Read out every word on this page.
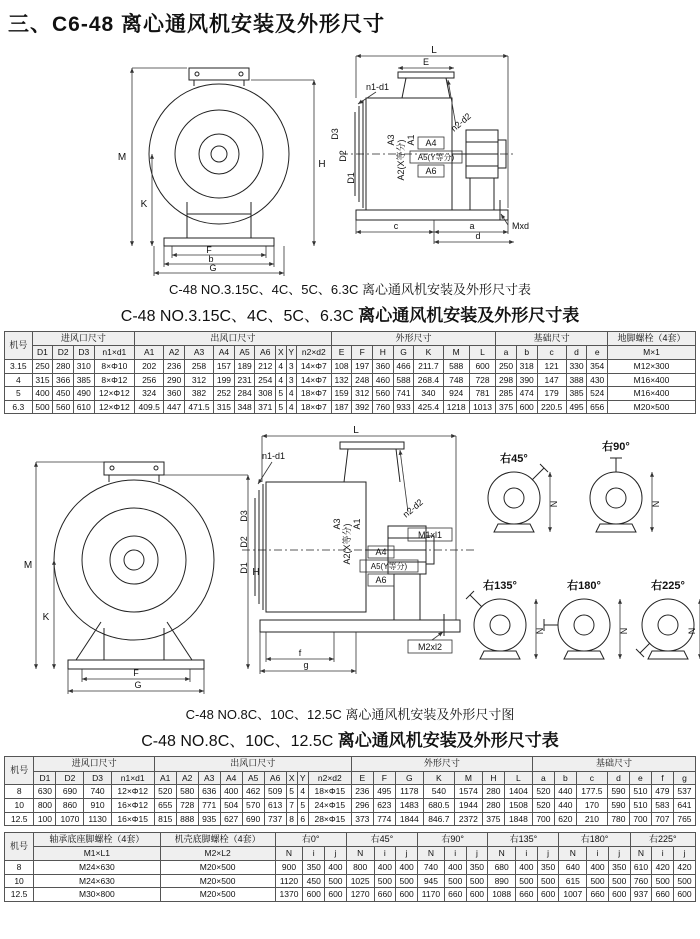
三、C6-48 离心通风机安装及外形尺寸
M
K
H
F
b
G
L
E
n1-d1
D3
D2
D1
A3 A2(X等分) A1
n2-d2
Mxd
c	a
d
A4
A5(Y等分)
A6
C-48 NO.3.15C、4C、5C、6.3C 离心通风机安装及外形尺寸表
C-48 NO.3.15C、4C、5C、6.3C 离心通风机安装及外形尺寸表
机号	进风口尺寸				出风口尺寸									外形尺寸							基础尺寸					地脚螺栓（4套）
	D1	D2	D3	n1×d1	A1	A2	A3	A4	A5	A6	X	Y	n2×d2	E	F	H	G	K	M	L	a	b	c	d	e	M×1
3.15	250	280	310	8×Φ10	202	236	258	157	189	212	4	3	14×Φ7	108	197	360	466	211.7	588	600	250	318	121	330	354	M12×300
4	315	366	385	8×Φ12	256	290	312	199	231	254	4	3	14×Φ7	132	248	460	588	268.4	748	728	298	390	147	388	430	M16×400
5	400	450	490	12×Φ12	324	360	382	252	284	308	5	4	18×Φ7	159	312	560	741	340	924	781	285	474	179	385	524	M16×400
6.3	500	560	610	12×Φ12	409.5	447	471.5	315	348	371	5	4	18×Φ7	187	392	760	933	425.4	1218	1013	375	600	220.5	495	656	M20×500
M
K
H
F
G
L
n1-d1
D3
D2
D1
A3 A2(X等分) A1
n2-d2
M1xl1
A4
A5(Y等分)
A6
M2xl2
f
g
右45°
N
右90°
N
右135°
N
右180°
N
右225°
N
C-48 NO.8C、10C、12.5C 离心通风机安装及外形尺寸图
C-48 NO.8C、10C、12.5C 离心通风机安装及外形尺寸表
机号	进风口尺寸				出风口尺寸									外形尺寸							基础尺寸						
	D1	D2	D3	n1×d1	A1	A2	A3	A4	A5	A6	X	Y	n2×d2	E	F	G	K	M	H	L	a	b	c	d	e	f	g
8	630	690	740	12×Φ12	520	580	636	400	462	509	5	4	18×Φ15	236	495	1178	540	1574	280	1404	520	440	177.5	590	510	479	537
10	800	860	910	16×Φ12	655	728	771	504	570	613	7	5	24×Φ15	296	623	1483	680.5	1944	280	1508	520	440	170	590	510	583	641
12.5	100	1070	1130	16×Φ15	815	888	935	627	690	737	8	6	28×Φ15	373	774	1844	846.7	2372	375	1848	700	620	210	780	700	707	765
机号	轴承底座脚螺栓（4套）	机壳底脚螺栓（4套）	右0°			右45°			右90°			右135°			右180°			右225°		
	M1×L1	M2×L2	N	i	j	N	i	j	N	i	j	N	i	j	N	i	j	N	i	j
8	M24×630	M20×500	900	350	400	800	400	400	740	400	350	680	400	350	640	400	350	610	420	420
10	M24×630	M20×500	1120	450	500	1025	500	500	945	500	500	890	500	500	615	500	500	760	500	500
12.5	M30×800	M20×500	1370	600	600	1270	660	600	1170	660	600	1088	660	600	1007	660	600	937	660	600
